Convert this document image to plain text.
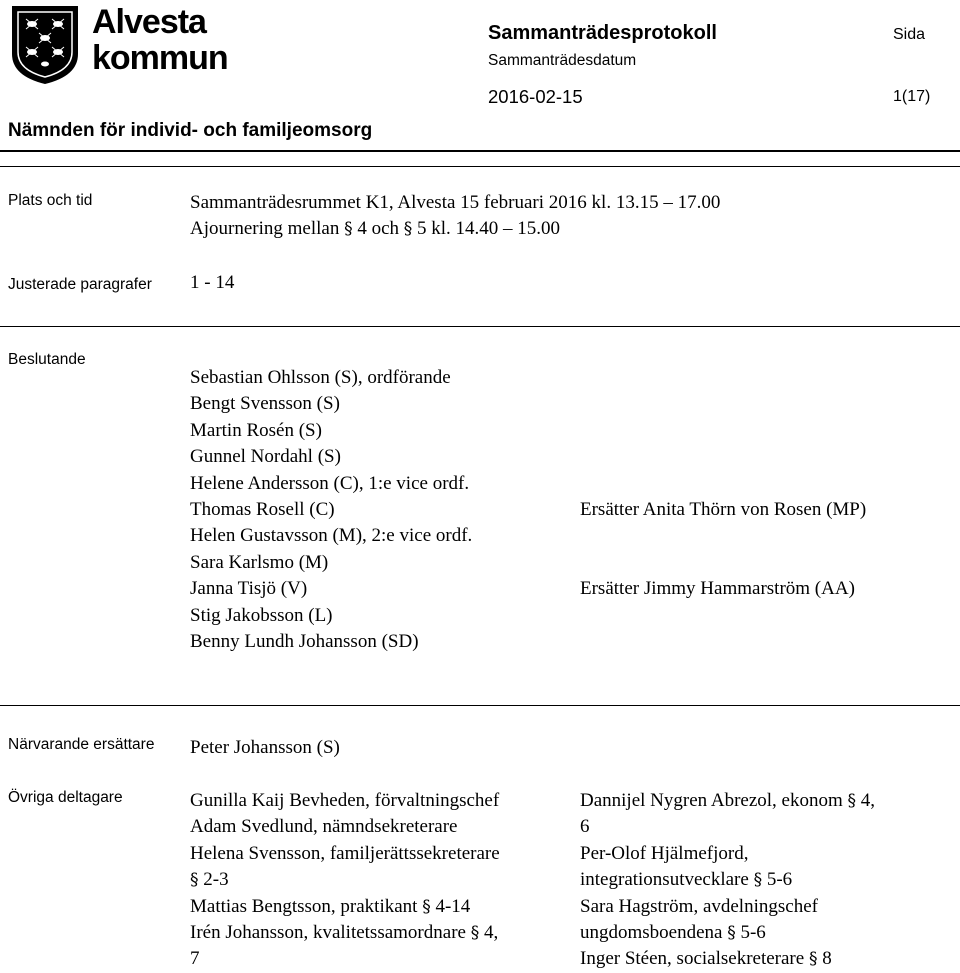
Alvesta kommun
Sammanträdesprotokoll
Sammanträdesdatum
Sida
2016-02-15	1(17)
Nämnden för individ- och familjeomsorg
Plats och tid
Justerade paragrafer
Beslutande
Närvarande ersättare
Övriga deltagare
Sammanträdesrummet K1, Alvesta 15 februari 2016 kl. 13.15 – 17.00
Ajournering mellan § 4 och § 5 kl. 14.40 – 15.00
1 - 14
Sebastian Ohlsson (S), ordförande
Bengt Svensson (S)
Martin Rosén (S)
Gunnel Nordahl (S)
Helene Andersson (C), 1:e vice ordf.
Thomas Rosell (C)
Helen Gustavsson (M), 2:e vice ordf.
Sara Karlsmo (M)
Janna Tisjö (V)
Stig Jakobsson (L)
Benny Lundh Johansson (SD)
Ersätter Anita Thörn von Rosen (MP)
Ersätter Jimmy Hammarström (AA)
Peter Johansson (S)
Gunilla Kaij Bevheden, förvaltningschef
Adam Svedlund, nämndsekreterare
Helena Svensson, familjerättssekreterare
§ 2-3
Mattias Bengtsson, praktikant § 4-14
Irén Johansson, kvalitetssamordnare § 4,
7
Dannijel Nygren Abrezol, ekonom § 4,
6
Per-Olof Hjälmefjord,
integrationsutvecklare § 5-6
Sara Hagström, avdelningschef
ungdomsboendena § 5-6
Inger Stéen, socialsekreterare § 8
